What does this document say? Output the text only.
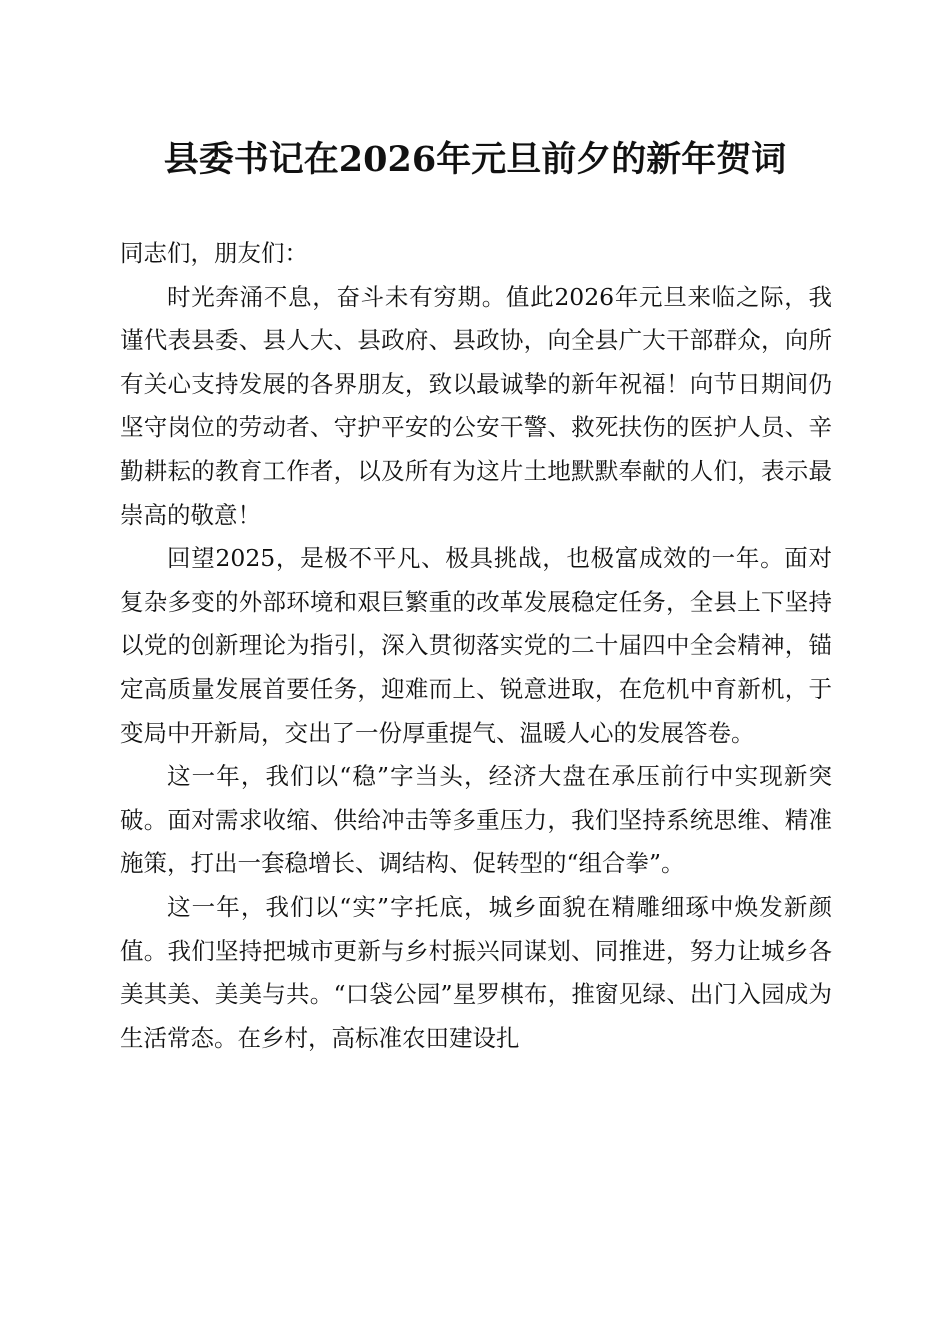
县委书记在2026年元旦前夕的新年贺词

同志们，朋友们：

时光奔涌不息，奋斗未有穷期。值此2026年元旦来临之际，我谨代表县委、县人大、县政府、县政协，向全县广大干部群众，向所有关心支持发展的各界朋友，致以最诚挚的新年祝福！向节日期间仍坚守岗位的劳动者、守护平安的公安干警、救死扶伤的医护人员、辛勤耕耘的教育工作者，以及所有为这片土地默默奉献的人们，表示最崇高的敬意！

回望2025，是极不平凡、极具挑战，也极富成效的一年。面对复杂多变的外部环境和艰巨繁重的改革发展稳定任务，全县上下坚持以党的创新理论为指引，深入贯彻落实党的二十届四中全会精神，锚定高质量发展首要任务，迎难而上、锐意进取，在危机中育新机，于变局中开新局，交出了一份厚重提气、温暖人心的发展答卷。

这一年，我们以“稳”字当头，经济大盘在承压前行中实现新突破。面对需求收缩、供给冲击等多重压力，我们坚持系统思维、精准施策，打出一套稳增长、调结构、促转型的“组合拳”。

这一年，我们以“实”字托底，城乡面貌在精雕细琢中焕发新颜值。我们坚持把城市更新与乡村振兴同谋划、同推进，努力让城乡各美其美、美美与共。“口袋公园”星罗棋布，推窗见绿、出门入园成为生活常态。在乡村，高标准农田建设扎
